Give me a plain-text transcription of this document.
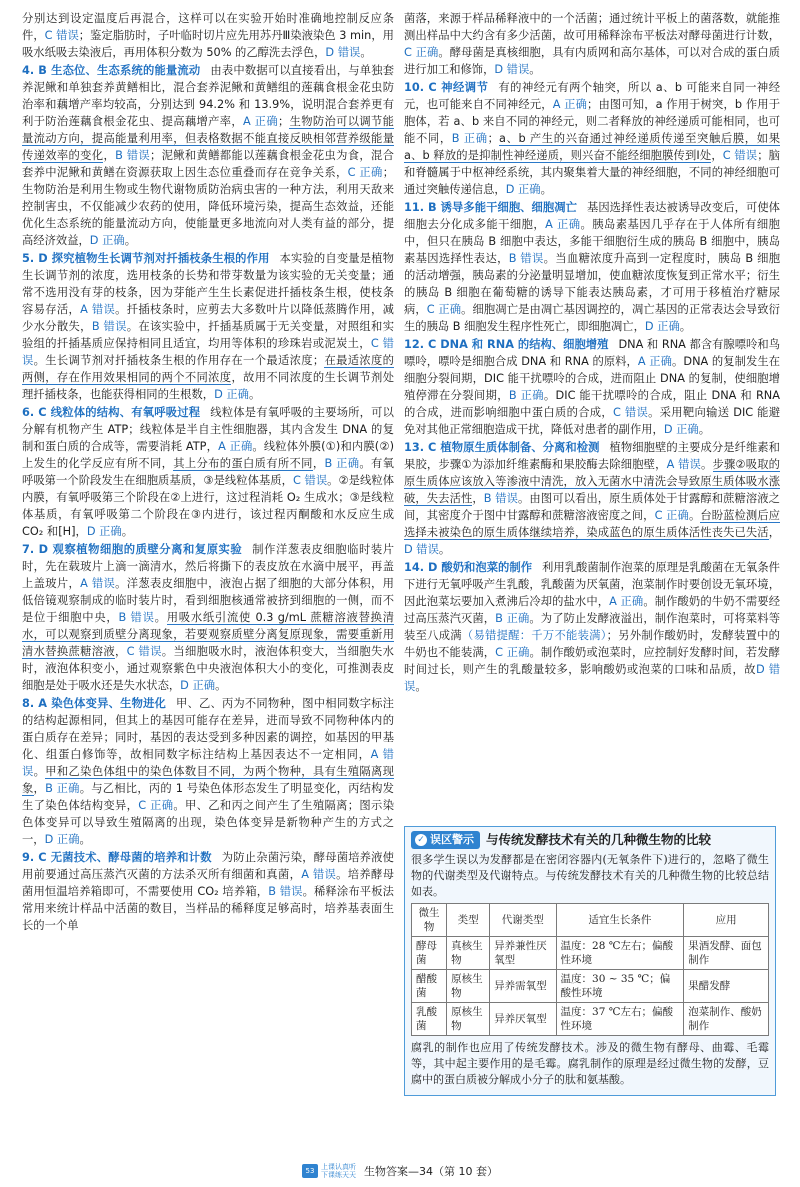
分别达到设定温度后再混合，这样可以在实验开始时准确地控制反应条件，C 错误；鉴定脂肪时，子叶临时切片应先用苏丹Ⅲ染液染色 3 min，用吸水纸吸去染液后，再用体积分数为 50% 的乙醇洗去浮色，D 错误。

4. B 生态位、生态系统的能量流动 由表中数据可以直接看出，与单独套养泥鳅和单独套养黄鳝相比，混合套养泥鳅和黄鳝组的莲藕食根金花虫防治率和藕增产率均较高，分别达到 94.2% 和 13.9%，说明混合套养更有利于防治莲藕食根金花虫、提高藕增产率，A 正确；生物防治可以调节能量流动方向，提高能量利用率，但表格数据不能直接反映相邻营养级能量传递效率的变化，B 错误；泥鳅和黄鳝都能以莲藕食根金花虫为食，混合套养中泥鳅和黄鳝在资源获取上因生态位重叠而存在竞争关系，C 正确；生物防治是利用生物或生物代谢物质防治病虫害的一种方法，利用天敌来控制害虫，不仅能减少农药的使用，降低环境污染，提高生态效益，还能优化生态系统的能量流动方向，使能量更多地流向对人类有益的部分，提高经济效益，D 正确。

5. D 探究植物生长调节剂对扦插枝条生根的作用 本实验的自变量是植物生长调节剂的浓度，选用枝条的长势和带芽数量为该实验的无关变量；通常不选用没有芽的枝条，因为芽能产生生长素促进扦插枝条生根，使枝条容易存活，A 错误。扦插枝条时，应剪去大多数叶片以降低蒸腾作用，减少水分散失，B 错误。在该实验中，扦插基质属于无关变量，对照组和实验组的扦插基质应保持相同且适宜，均用等体积的珍珠岩或泥炭土，C 错误。生长调节剂对扦插枝条生根的作用存在一个最适浓度；在最适浓度的两侧，存在作用效果相同的两个不同浓度，故用不同浓度的生长调节剂处理扦插枝条，也能获得相同的生根数，D 正确。

6. C 线粒体的结构、有氧呼吸过程 线粒体是有氧呼吸的主要场所，可以分解有机物产生 ATP；线粒体是半自主性细胞器，其内含发生 DNA 的复制和蛋白质的合成等，需要消耗 ATP，A 正确。线粒体外膜(①)和内膜(②)上发生的化学反应有所不同，其上分布的蛋白质有所不同，B 正确。有氧呼吸第一个阶段发生在细胞质基质，③是线粒体基质，C 错误。②是线粒体内膜，有氧呼吸第三个阶段在②上进行，这过程消耗 O₂ 生成水；③是线粒体基质，有氧呼吸第二个阶段在③内进行，该过程丙酮酸和水反应生成 CO₂ 和[H]，D 正确。

7. D 观察植物细胞的质壁分离和复原实验 制作洋葱表皮细胞临时装片时，先在载玻片上滴一滴清水，然后将撕下的表皮放在水滴中展平，再盖上盖玻片，A 错误。洋葱表皮细胞中，液泡占据了细胞的大部分体积，用低倍镜观察制成的临时装片时，看到细胞核通常被挤到细胞的一侧，而不是位于细胞中央，B 错误。用吸水纸引流使 0.3 g/mL 蔗糖溶液替换清水，可以观察到质壁分离现象，若要观察质壁分离复原现象，需要重新用清水替换蔗糖溶液，C 错误。当细胞吸水时，液泡体积变大，当细胞失水时，液泡体积变小，通过观察紫色中央液泡体积大小的变化，可推测表皮细胞是处于吸水还是失水状态，D 正确。

8. A 染色体变异、生物进化 甲、乙、丙为不同物种，图中相同数字标注的结构起源相同，但其上的基因可能存在差异，进而导致不同物种体内的蛋白质存在差异；同时，基因的表达受到多种因素的调控，如基因的甲基化、组蛋白修饰等，故相同数字标注结构上基因表达不一定相同，A 错误。甲和乙染色体组中的染色体数目不同，为两个物种，具有生殖隔离现象，B 正确。与乙相比，丙的 1 号染色体形态发生了明显变化，丙结构发生了染色体结构变异，C 正确。甲、乙和丙之间产生了生殖隔离；图示染色体变异可以导致生殖隔离的出现，染色体变异是新物种产生的方式之一，D 正确。

9. C 无菌技术、酵母菌的培养和计数 为防止杂菌污染，酵母菌培养液使用前要通过高压蒸汽灭菌的方法杀灭所有细菌和真菌，A 错误。培养酵母菌用恒温培养箱即可，不需要使用 CO₂ 培养箱，B 错误。稀释涂布平板法常用来统计样品中活菌的数目，当样品的稀释度足够高时，培养基表面生长的一个单

菌落，来源于样品稀释液中的一个活菌；通过统计平板上的菌落数，就能推测出样品中大约含有多少活菌，故可用稀释涂布平板法对酵母菌进行计数，C 正确。酵母菌是真核细胞，具有内质网和高尔基体，可以对合成的蛋白质进行加工和修饰，D 错误。

10. C 神经调节 有的神经元有两个轴突，所以 a、b 可能来自同一神经元，也可能来自不同神经元，A 正确；由图可知，a 作用于树突，b 作用于胞体，若 a、b 来自不同的神经元，则二者释放的神经递质可能相同，也可能不同，B 正确；a、b 产生的兴奋通过神经递质传递至突触后膜，如果 a、b 释放的是抑制性神经递质，则兴奋不能经细胞膜传到Ⅰ处，C 错误；脑和脊髓属于中枢神经系统，其内聚集着大量的神经细胞，不同的神经细胞可通过突触传递信息，D 正确。

11. B 诱导多能干细胞、细胞凋亡 基因选择性表达被诱导改变后，可使体细胞去分化成多能干细胞，A 正确。胰岛素基因几乎存在于人体所有细胞中，但只在胰岛 B 细胞中表达，多能干细胞衍生成的胰岛 B 细胞中，胰岛素基因选择性表达，B 错误。当血糖浓度升高到一定程度时，胰岛 B 细胞的活动增强，胰岛素的分泌量明显增加，使血糖浓度恢复到正常水平；衍生的胰岛 B 细胞在葡萄糖的诱导下能表达胰岛素，才可用于移植治疗糖尿病，C 正确。细胞凋亡是由凋亡基因调控的，凋亡基因的正常表达会导致衍生的胰岛 B 细胞发生程序性死亡，即细胞凋亡，D 正确。

12. C DNA 和 RNA 的结构、细胞增殖 DNA 和 RNA 都含有腺嘌呤和鸟嘌呤，嘌呤是细胞合成 DNA 和 RNA 的原料，A 正确。DNA 的复制发生在细胞分裂间期，DIC 能干扰嘌呤的合成，进而阻止 DNA 的复制，使细胞增殖停滞在分裂间期，B 正确。DIC 能干扰嘌呤的合成，阻止 DNA 和 RNA 的合成，进而影响细胞中蛋白质的合成，C 错误。采用靶向输送 DIC 能避免对其他正常细胞造成干扰，降低对患者的副作用，D 正确。

13. C 植物原生质体制备、分离和检测 植物细胞壁的主要成分是纤维素和果胶，步骤①为添加纤维素酶和果胶酶去除细胞壁，A 错误。步骤②吸取的原生质体应该放入等渗液中清洗，放入无菌水中清洗会导致原生质体吸水涨破，失去活性，B 错误。由图可以看出，原生质体处于甘露醇和蔗糖溶液之间，其密度介于图中甘露醇和蔗糖溶液密度之间，C 正确。台盼蓝检测后应选择未被染色的原生质体继续培养，染成蓝色的原生质体活性丧失已失活，D 错误。

14. D 酸奶和泡菜的制作 利用乳酸菌制作泡菜的原理是乳酸菌在无氧条件下进行无氧呼吸产生乳酸，乳酸菌为厌氧菌，泡菜制作时要创设无氧环境，因此泡菜坛要加入煮沸后冷却的盐水中，A 正确。制作酸奶的牛奶不需要经过高压蒸汽灭菌，B 正确。为了防止发酵液溢出，制作泡菜时，可将菜料等装至八成满（易错提醒：千万不能装满）；另外制作酸奶时，发酵装置中的牛奶也不能装满，C 正确。制作酸奶或泡菜时，应控制好发酵时间，若发酵时间过长，则产生的乳酸量较多，影响酸奶或泡菜的口味和品质，故D 错误。

✓ 误区警示 与传统发酵技术有关的几种微生物的比较

很多学生误以为发酵都是在密闭容器内(无氧条件下)进行的，忽略了微生物的代谢类型及代谢特点。与传统发酵技术有关的几种微生物的比较总结如表。

微生物	类型	代谢类型	适宜生长条件	应用
酵母菌	真核生物	异养兼性厌氧型	温度：28 ℃左右；偏酸性环境	果酒发酵、面包制作
醋酸菌	原核生物	异养需氧型	温度：30 ~ 35 ℃；偏酸性环境	果醋发酵
乳酸菌	原核生物	异养厌氧型	温度：37 ℃左右；偏酸性环境	泡菜制作、酸奶制作

腐乳的制作也应用了传统发酵技术。涉及的微生物有酵母、曲霉、毛霉等，其中起主要作用的是毛霉。腐乳制作的原理是经过微生物的发酵，豆腐中的蛋白质被分解成小分子的肽和氨基酸。

53 上课认真听
下课练天天 生物答案—34（第 10 套）
